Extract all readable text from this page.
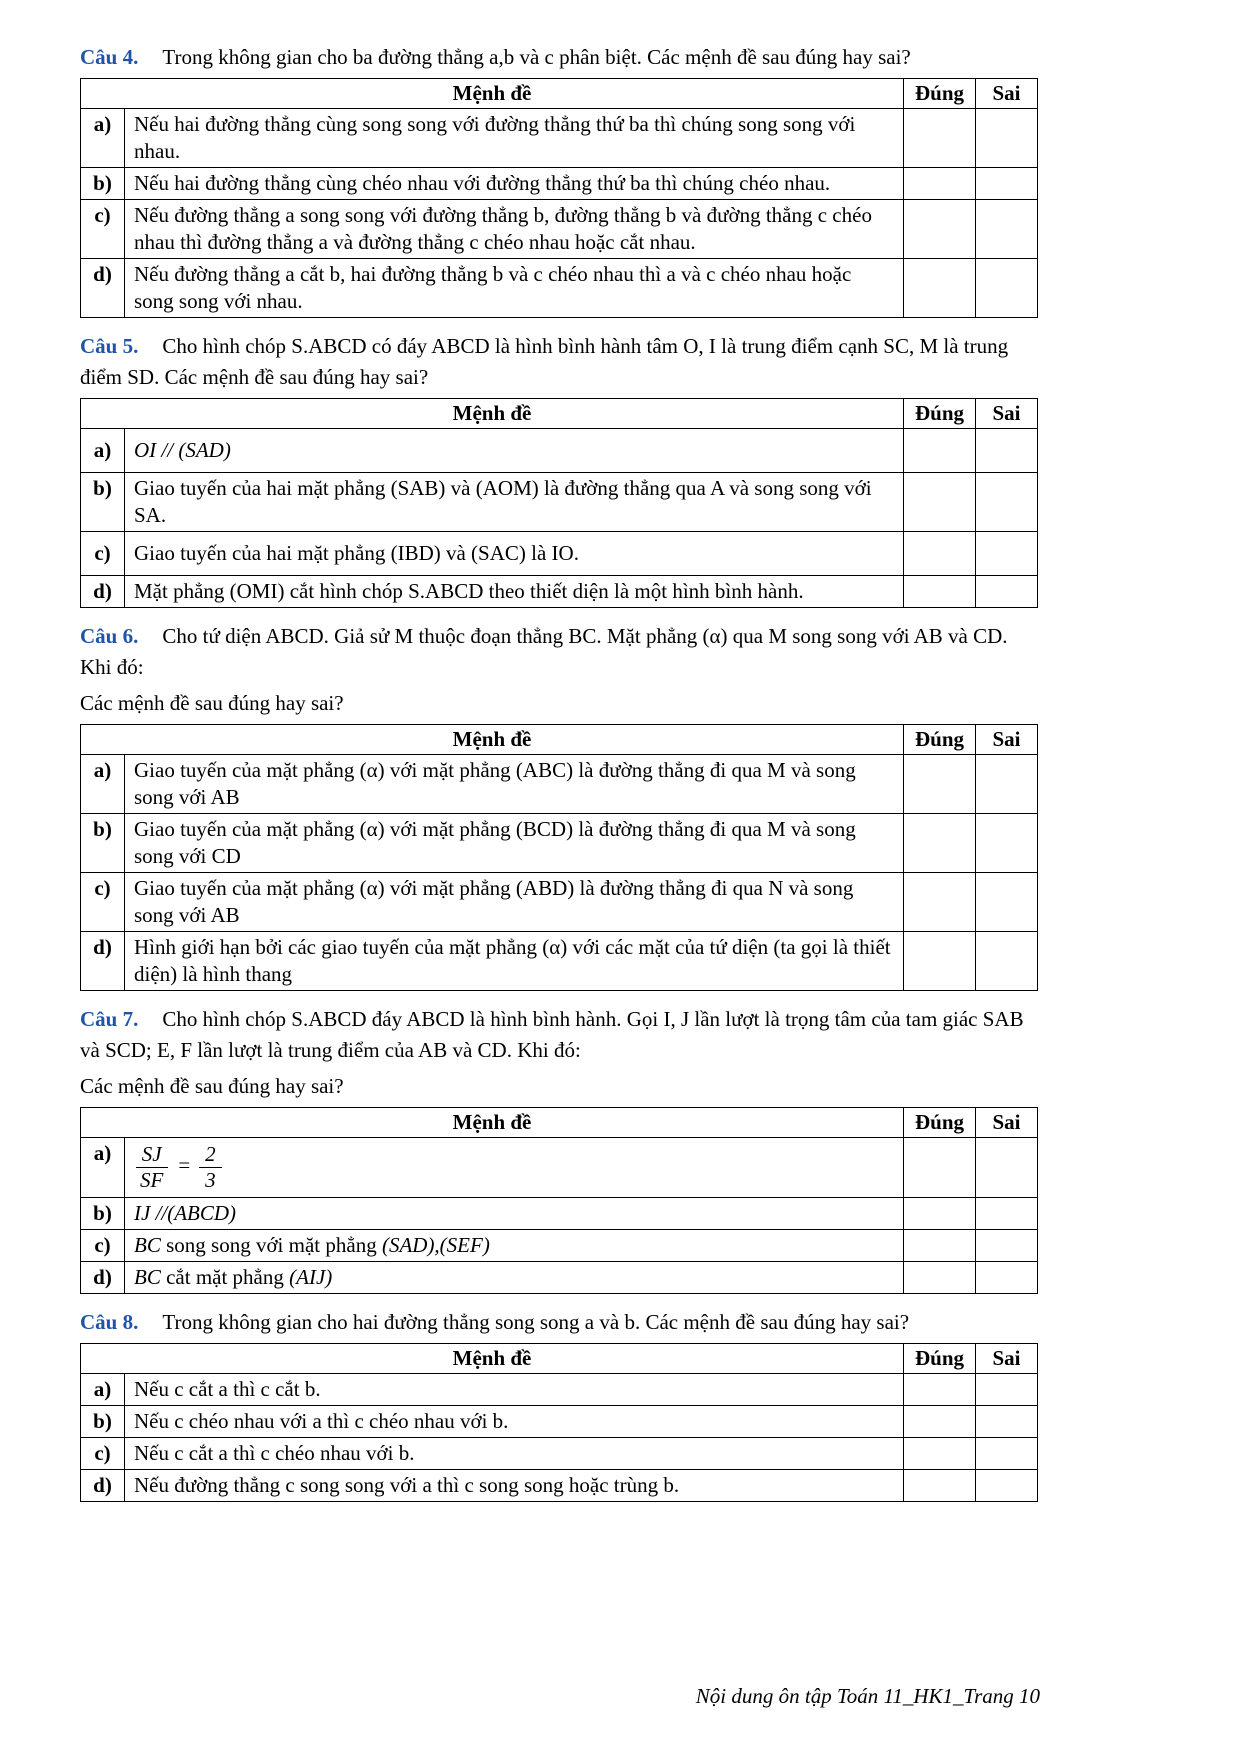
Câu 4. Trong không gian cho ba đường thẳng a,b và c phân biệt. Các mệnh đề sau đúng hay sai?

Mệnh đề		Đúng	Sai
a)	Nếu hai đường thẳng cùng song song với đường thẳng thứ ba thì chúng song song với nhau.		
b)	Nếu hai đường thẳng cùng chéo nhau với đường thẳng thứ ba thì chúng chéo nhau.		
c)	Nếu đường thẳng a song song với đường thẳng b, đường thẳng b và đường thẳng c chéo nhau thì đường thẳng a và đường thẳng c chéo nhau hoặc cắt nhau.		
d)	Nếu đường thẳng a cắt b, hai đường thẳng b và c chéo nhau thì a và c chéo nhau hoặc song song với nhau.		

Câu 5. Cho hình chóp S.ABCD có đáy ABCD là hình bình hành tâm O, I là trung điểm cạnh SC, M là trung điểm SD. Các mệnh đề sau đúng hay sai?

Mệnh đề		Đúng	Sai
a)	OI // (SAD)		
b)	Giao tuyến của hai mặt phẳng (SAB) và (AOM) là đường thẳng qua A và song song với SA.		
c)	Giao tuyến của hai mặt phẳng (IBD) và (SAC) là IO.		
d)	Mặt phẳng (OMI) cắt hình chóp S.ABCD theo thiết diện là một hình bình hành.		

Câu 6. Cho tứ diện ABCD. Giả sử M thuộc đoạn thẳng BC. Mặt phẳng (α) qua M song song với AB và CD. Khi đó:

Các mệnh đề sau đúng hay sai?

Mệnh đề		Đúng	Sai
a)	Giao tuyến của mặt phẳng (α) với mặt phẳng (ABC) là đường thẳng đi qua M và song song với AB		
b)	Giao tuyến của mặt phẳng (α) với mặt phẳng (BCD) là đường thẳng đi qua M và song song với CD		
c)	Giao tuyến của mặt phẳng (α) với mặt phẳng (ABD) là đường thẳng đi qua N và song song với AB		
d)	Hình giới hạn bởi các giao tuyến của mặt phẳng (α) với các mặt của tứ diện (ta gọi là thiết diện) là hình thang		

Câu 7. Cho hình chóp S.ABCD đáy ABCD là hình bình hành. Gọi I, J lần lượt là trọng tâm của tam giác SAB và SCD; E, F lần lượt là trung điểm của AB và CD. Khi đó:

Các mệnh đề sau đúng hay sai?

Mệnh đề		Đúng	Sai
a)	$\frac{SJ}{SF} = \frac{2}{3}$

b)	IJ //(ABCD)		
c)	BC song song với mặt phẳng (SAD),(SEF)		
d)	BC cắt mặt phẳng (AIJ)		

Câu 8. Trong không gian cho hai đường thẳng song song a và b. Các mệnh đề sau đúng hay sai?

Mệnh đề		Đúng	Sai
a)	Nếu c cắt a thì c cắt b.		
b)	Nếu c chéo nhau với a thì c chéo nhau với b.		
c)	Nếu c cắt a thì c chéo nhau với b.		
d)	Nếu đường thẳng c song song với a thì c song song hoặc trùng b.		
Nội dung ôn tập Toán 11_HK1_Trang 10
